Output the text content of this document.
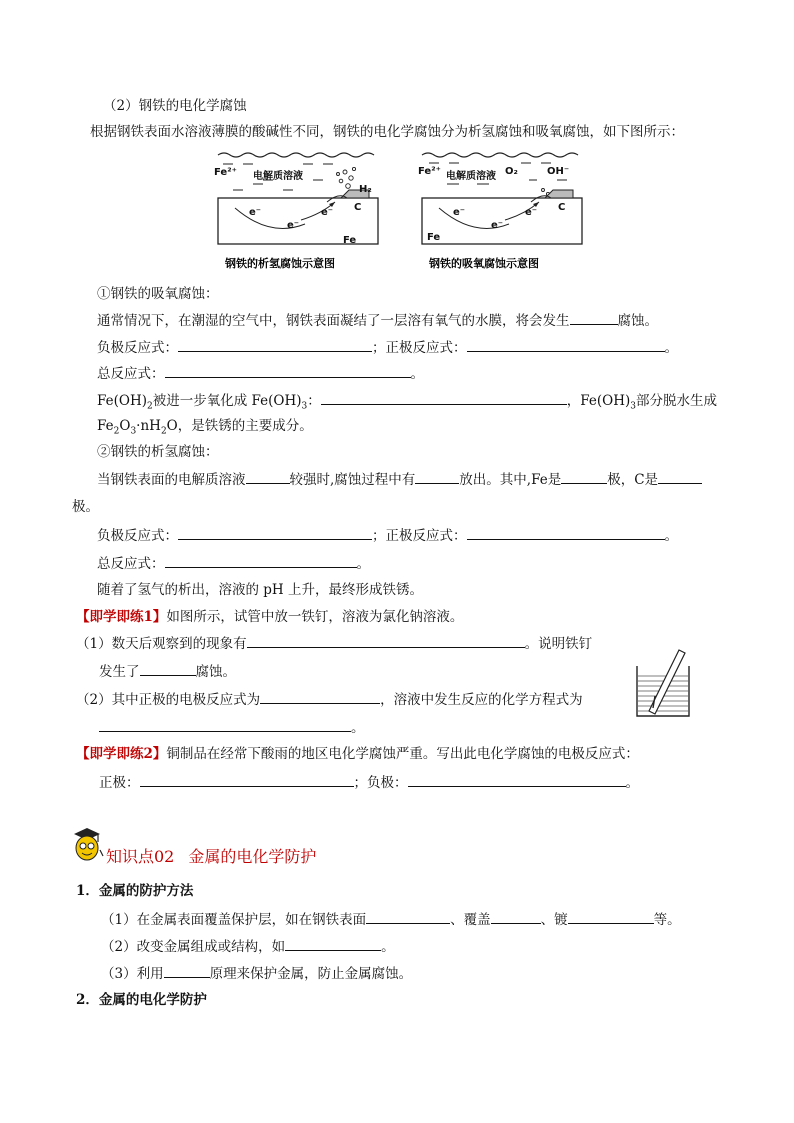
（2）钢铁的电化学腐蚀
根据钢铁表面水溶液薄膜的酸碱性不同，钢铁的电化学腐蚀分为析氢腐蚀和吸氧腐蚀，如下图所示：
钢铁的析氢腐蚀示意图
Fe²⁺ 电解质溶液
H₂
C
e⁻
e⁻
e⁻
Fe
钢铁的吸氧腐蚀示意图
Fe²⁺ 电解质溶液 O₂	OH⁻
C
e⁻
e⁻
e⁻
Fe
①钢铁的吸氧腐蚀：
通常情况下，在潮湿的空气中，钢铁表面凝结了一层溶有氧气的水膜，将会发生	腐蚀。
负极反应式：	；正极反应式：	。
总反应式：	。
$Fe(OH)_2$被进一步氧化成 $Fe(OH)_3$：	，$Fe(OH)_3$部分脱水生成
$Fe_2O_3\cdot nH_2O$，是铁锈的主要成分。
②钢铁的析氢腐蚀：
当钢铁表面的电解质溶液	较强时,腐蚀过程中有	放出。其中,Fe是	极，C是
极。
负极反应式：	；正极反应式：	。
总反应式：	。
随着了氢气的析出，溶液的 pH 上升，最终形成铁锈。
【即学即练1】如图所示，试管中放一铁钉，溶液为氯化钠溶液。
（1）数天后观察到的现象有	。说明铁钉
发生了	腐蚀。
（2）其中正极的电极反应式为	，溶液中发生反应的化学方程式为
。
【即学即练2】铜制品在经常下酸雨的地区电化学腐蚀严重。写出此电化学腐蚀的电极反应式：
正极：	；负极：	。
知识点02 金属的电化学防护
1．金属的防护方法
（1）在金属表面覆盖保护层，如在钢铁表面	、覆盖	、镀	等。
（2）改变金属组成或结构，如	。
（3）利用	原理来保护金属，防止金属腐蚀。
2．金属的电化学防护
